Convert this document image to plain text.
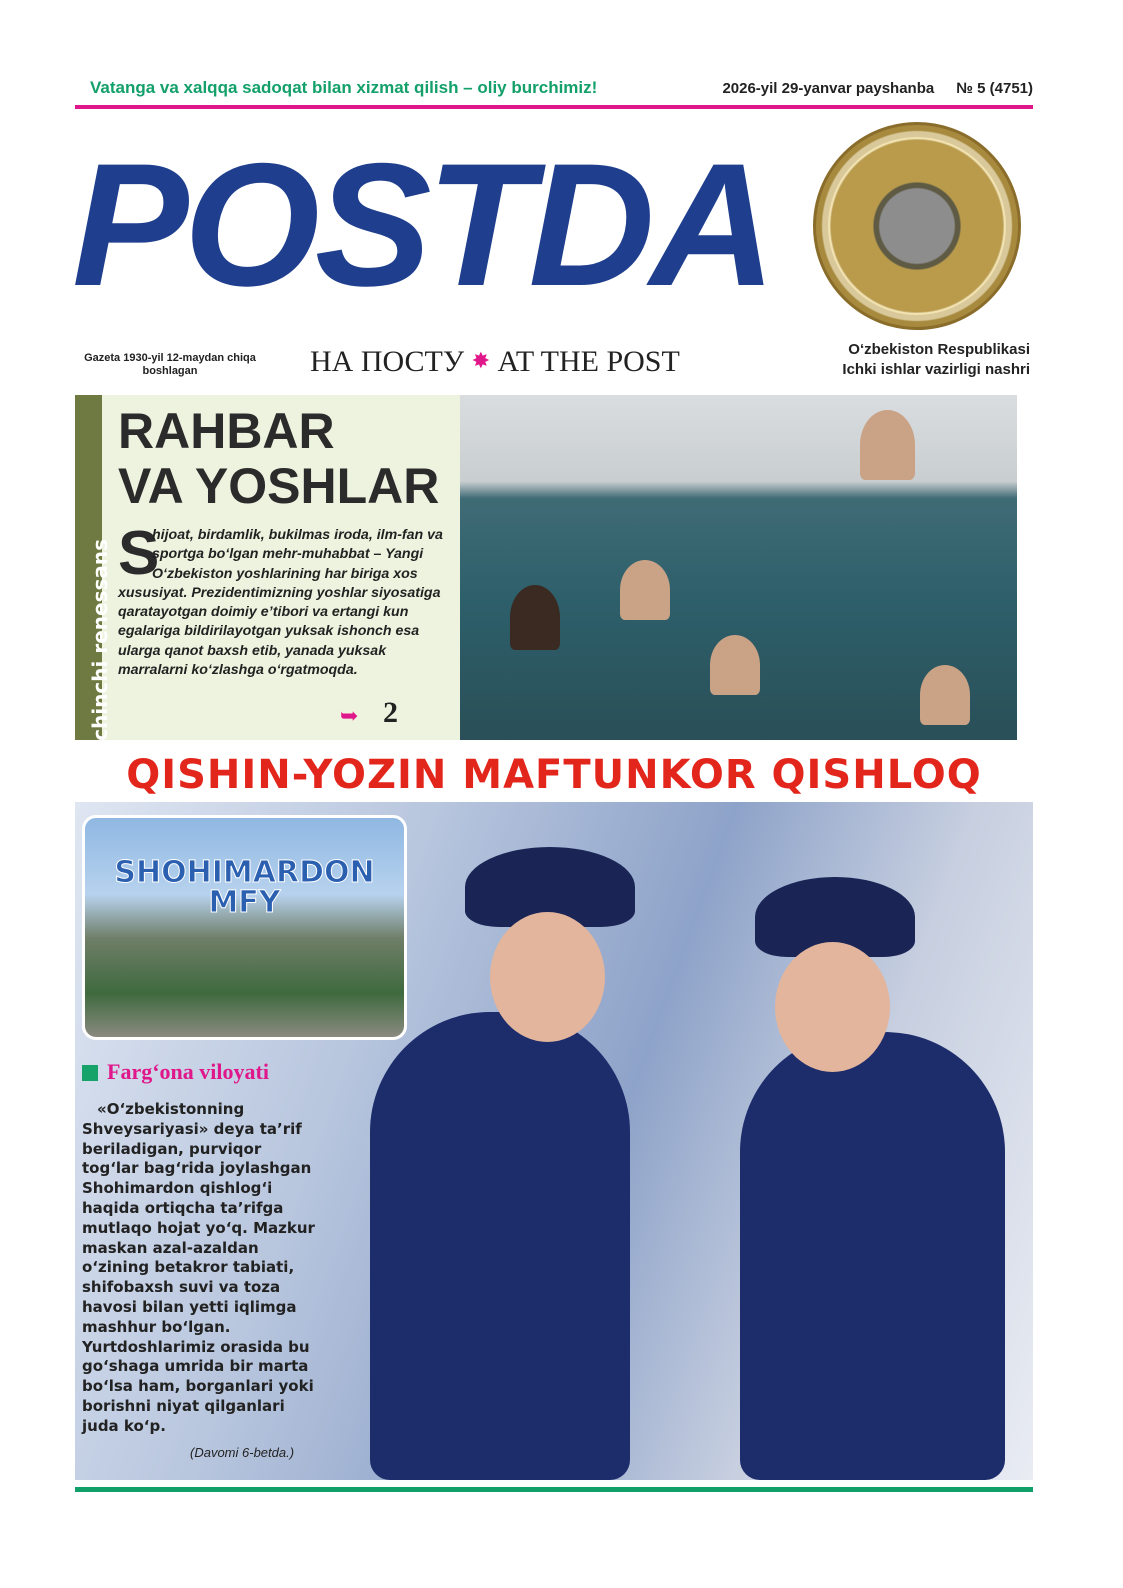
Vatanga va xalqqa sadoqat bilan xizmat qilish – oliy burchimiz!	2026-yil 29-yanvar payshanba № 5 (4751)
POSTDA
Gazeta 1930-yil 12-maydan chiqa boshlagan	НА ПОСТУ ✸ AT THE POST	O‘zbekiston Respublikasi
Ichki ishlar vazirligi nashri
Uchinchi renessans
RAHBAR
VA YOSHLAR
S
hijoat, birdamlik, bukilmas iroda, ilm-fan va sportga bo‘lgan mehr-muhabbat – Yangi O‘zbekiston yoshlarining har biriga xos xususiyat. Prezidentimizning yoshlar siyosatiga qaratayotgan doimiy e’tibori va ertangi kun egalariga bildirilayotgan yuksak ishonch esa ularga qanot baxsh etib, yanada yuksak marralarni ko‘zlashga o‘rgatmoqda.
➥ 2
QISHIN-YOZIN MAFTUNKOR QISHLOQ
SHOHIMARDON MFY
Farg‘ona viloyati
«O‘zbekistonning Shveysariyasi» deya ta’rif beriladigan, purviqor tog‘lar bag‘rida joylashgan Shohimardon qishlog‘i haqida ortiqcha ta’rifga mutlaqo hojat yo‘q. Mazkur maskan azal-azaldan o‘zining betakror tabiati, shifobaxsh suvi va toza havosi bilan yetti iqlimga mashhur bo‘lgan. Yurtdoshlarimiz orasida bu go‘shaga umrida bir marta bo‘lsa ham, borganlari yoki borishni niyat qilganlari juda ko‘p.
(Davomi 6-betda.)
